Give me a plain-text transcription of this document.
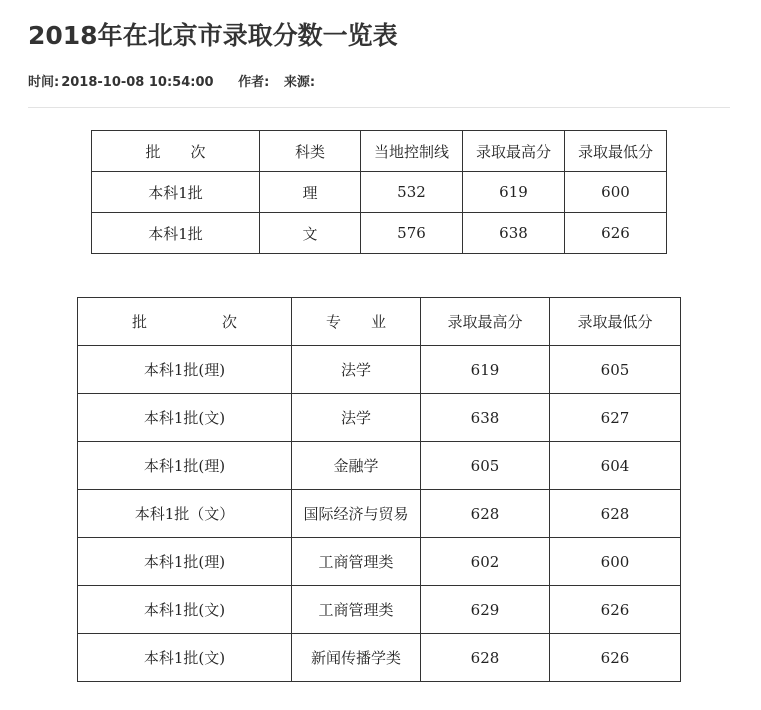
2018年在北京市录取分数一览表
时间: 2018-10-08 10:54:00 作者: 来源:
批　　次	科类	当地控制线	录取最高分	录取最低分
本科1批	理	532	619	600
本科1批	文	576	638	626
批　　　　　次	专　　业	录取最高分	录取最低分
本科1批(理)	法学	619	605
本科1批(文)	法学	638	627
本科1批(理)	金融学	605	604
本科1批（文）	国际经济与贸易	628	628
本科1批(理)	工商管理类	602	600
本科1批(文)	工商管理类	629	626
本科1批(文)	新闻传播学类	628	626
